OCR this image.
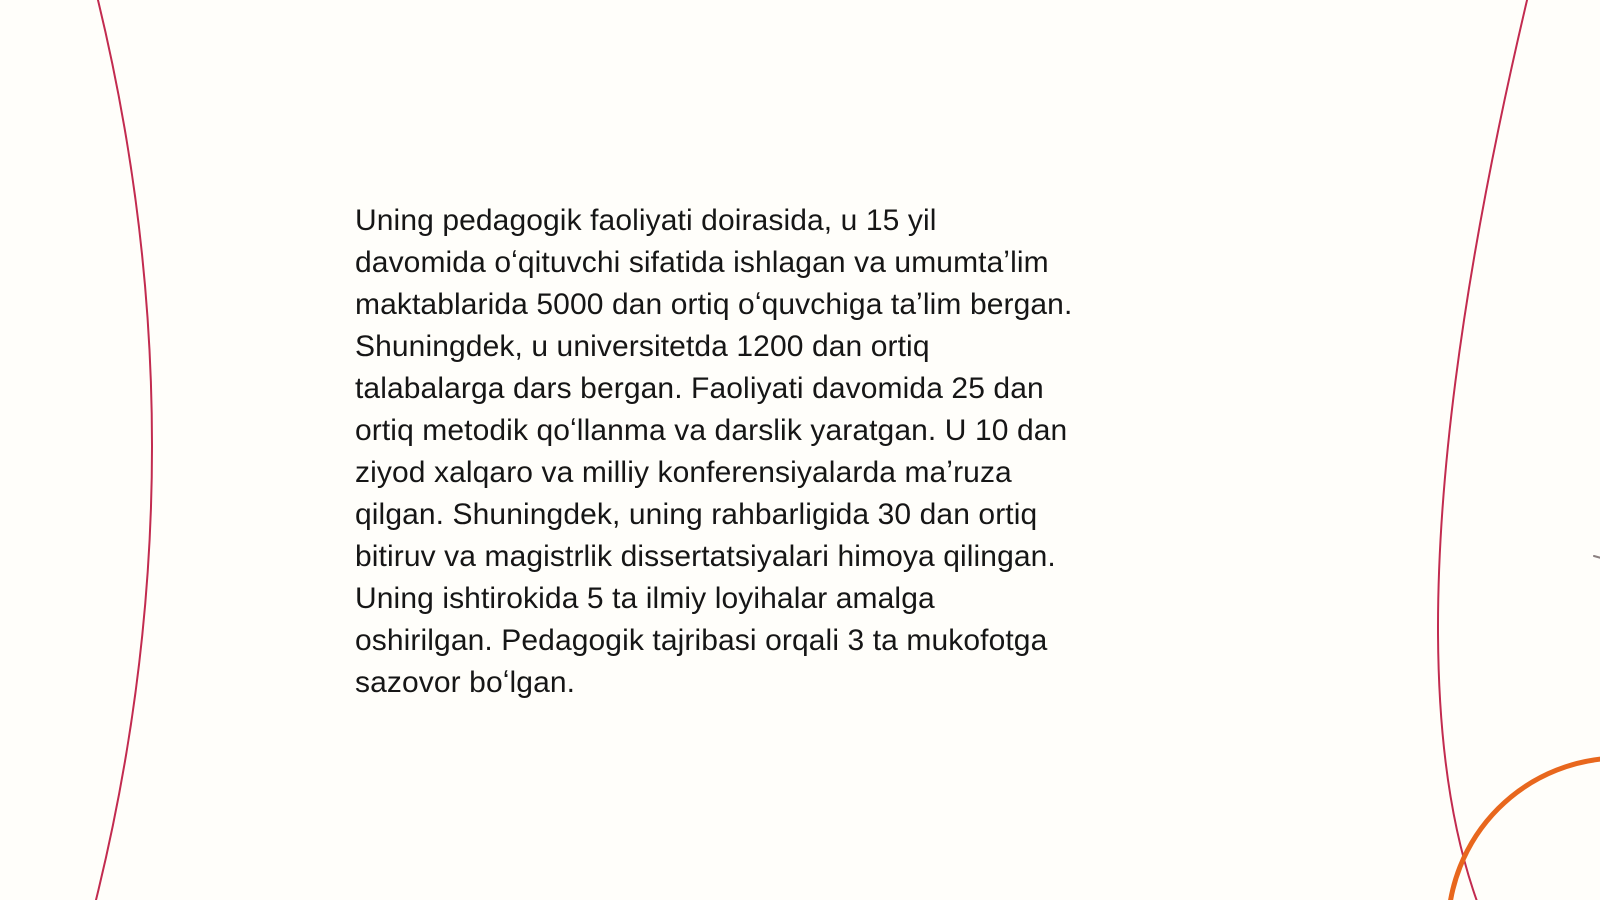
Uning pedagogik faoliyati doirasida, u 15 yil
davomida oʻqituvchi sifatida ishlagan va umumtaʼlim
maktablarida 5000 dan ortiq oʻquvchiga taʼlim bergan.
Shuningdek, u universitetda 1200 dan ortiq
talabalarga dars bergan. Faoliyati davomida 25 dan
ortiq metodik qoʻllanma va darslik yaratgan. U 10 dan
ziyod xalqaro va milliy konferensiyalarda maʼruza
qilgan. Shuningdek, uning rahbarligida 30 dan ortiq
bitiruv va magistrlik dissertatsiyalari himoya qilingan.
Uning ishtirokida 5 ta ilmiy loyihalar amalga
oshirilgan. Pedagogik tajribasi orqali 3 ta mukofotga
sazovor boʻlgan.
